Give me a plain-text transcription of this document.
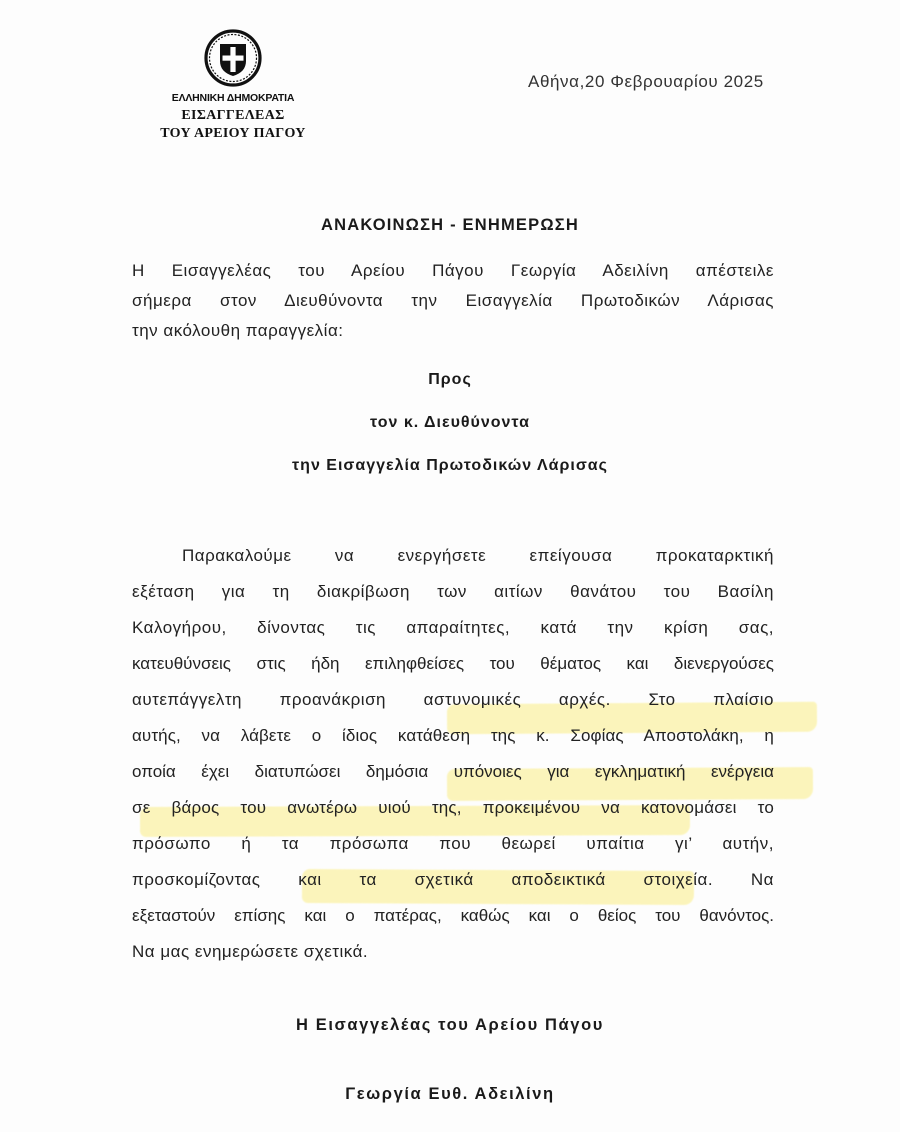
ΕΛΛΗΝΙΚΗ ΔΗΜΟΚΡΑΤΙΑ
ΕΙΣΑΓΓΕΛΕΑΣ
ΤΟΥ ΑΡΕΙΟΥ ΠΑΓΟΥ
Αθήνα,20 Φεβρουαρίου 2025
ΑΝΑΚΟΙΝΩΣΗ - ΕΝΗΜΕΡΩΣΗ
Η Εισαγγελέας του Αρείου Πάγου Γεωργία Αδειλίνη απέστειλε
σήμερα στον Διευθύνοντα την Εισαγγελία Πρωτοδικών Λάρισας
την ακόλουθη παραγγελία:
Προς
τον κ. Διευθύνοντα
την Εισαγγελία Πρωτοδικών Λάρισας
Παρακαλούμε να ενεργήσετε επείγουσα προκαταρκτική
εξέταση για τη διακρίβωση των αιτίων θανάτου του Βασίλη
Καλογήρου, δίνοντας τις απαραίτητες, κατά την κρίση σας,
κατευθύνσεις στις ήδη επιληφθείσες του θέματος και διενεργούσες
αυτεπάγγελτη προανάκριση αστυνομικές αρχές. Στο πλαίσιο
αυτής, να λάβετε ο ίδιος κατάθεση της κ. Σοφίας Αποστολάκη, η
οποία έχει διατυπώσει δημόσια υπόνοιες για εγκληματική ενέργεια
σε βάρος του ανωτέρω υιού της, προκειμένου να κατονομάσει το
πρόσωπο ή τα πρόσωπα που θεωρεί υπαίτια γι’ αυτήν,
προσκομίζοντας και τα σχετικά αποδεικτικά στοιχεία. Να
εξεταστούν επίσης και ο πατέρας, καθώς και ο θείος του θανόντος.
Να μας ενημερώσετε σχετικά.
Η Εισαγγελέας του Αρείου Πάγου
Γεωργία Ευθ. Αδειλίνη
